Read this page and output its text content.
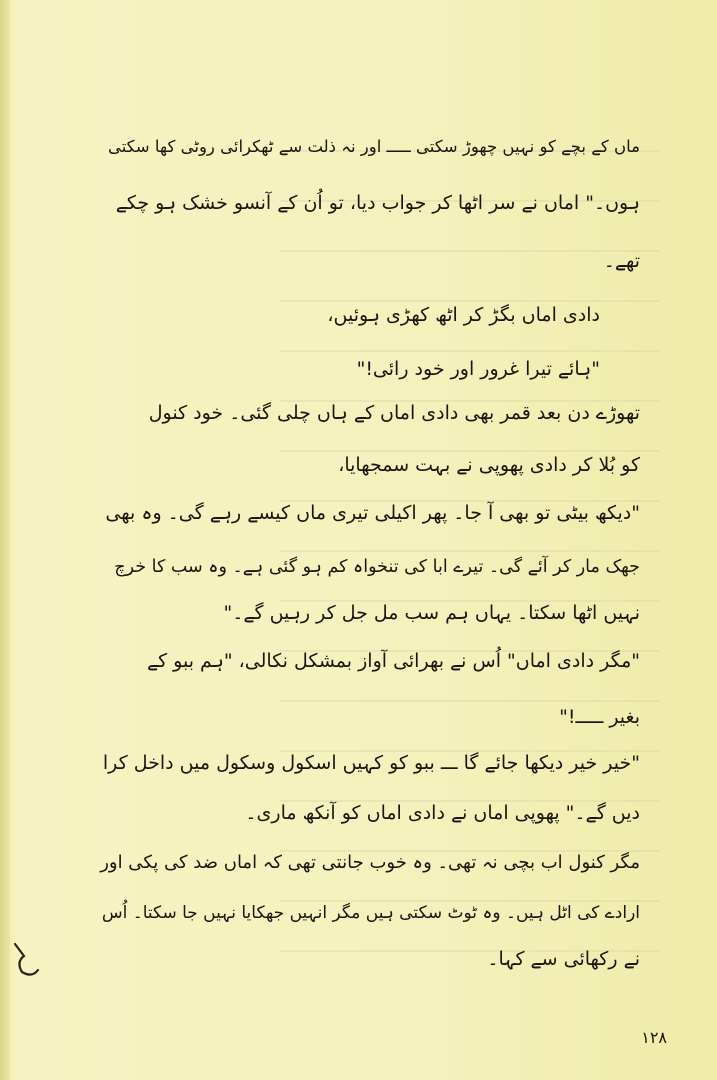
ماں کے بچے کو نہیں چھوڑ سکتی ـــــ اور نہ ذلت سے ٹھکرائی روٹی کھا سکتی
ہوں۔" اماں نے سر اٹھا کر جواب دیا، تو اُن کے آنسو خشک ہو چکے
تھے۔
دادی اماں بگڑ کر اٹھ کھڑی ہوئیں،
"ہائے تیرا غرور اور خود رائی!"
تھوڑے دن بعد قمر بھی دادی اماں کے ہاں چلی گئی۔ خود کنول
کو بُلا کر دادی پھوپی نے بہت سمجھایا،
"دیکھ بیٹی تو بھی آ جا۔ پھر اکیلی تیری ماں کیسے رہے گی۔ وہ بھی
جھک مار کر آئے گی۔ تیرے ابا کی تنخواہ کم ہو گئی ہے۔ وہ سب کا خرچ
نہیں اٹھا سکتا۔ یہاں ہم سب مل جل کر رہیں گے۔"
"مگر دادی اماں" اُس نے بھرائی آواز بمشکل نکالی، "ہم ببو کے
بغیر ـــــ!"
"خیر خیر دیکھا جائے گا ـــ ببو کو کہیں اسکول وسکول میں داخل کرا
دیں گے۔" پھوپی اماں نے دادی اماں کو آنکھ ماری۔
مگر کنول اب بچی نہ تھی۔ وہ خوب جانتی تھی کہ اماں ضد کی پکی اور
ارادے کی اٹل ہیں۔ وہ ٹوٹ سکتی ہیں مگر انہیں جھکایا نہیں جا سکتا۔ اُس
نے رکھائی سے کہا۔
۱۲۸
